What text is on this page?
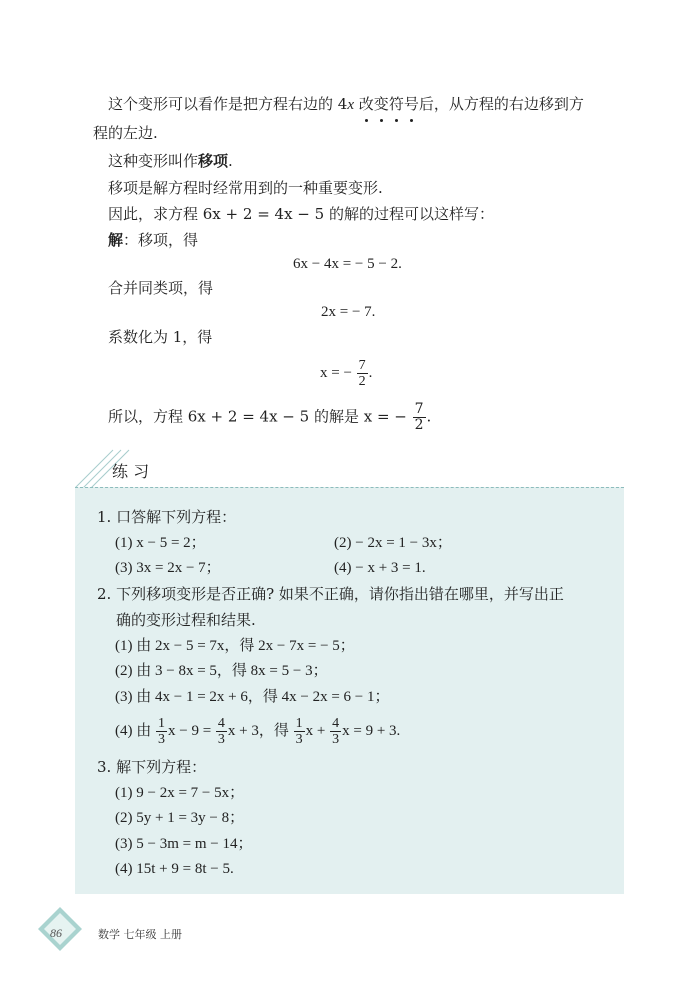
这个变形可以看作是把方程右边的 4x 改变符号后，从方程的右边移到方
程的左边.
这种变形叫作移项.
移项是解方程时经常用到的一种重要变形.
因此，求方程 6x + 2 = 4x − 5 的解的过程可以这样写：
解：移项，得
6x − 4x = − 5 − 2.
合并同类项，得
2x = − 7.
系数化为 1，得
x = − $\frac{7}{2}$ .
所以，方程 6x + 2 = 4x − 5 的解是 x = − $\frac{7}{2}$ .
练 习
1. 口答解下列方程：
(1) x − 5 = 2；	(2) − 2x = 1 − 3x；
(3) 3x = 2x − 7；	(4) − x + 3 = 1.
2. 下列移项变形是否正确? 如果不正确，请你指出错在哪里，并写出正
确的变形过程和结果.
(1) 由 2x − 5 = 7x，得 2x − 7x = − 5；
(2) 由 3 − 8x = 5，得 8x = 5 − 3；
(3) 由 4x − 1 = 2x + 6，得 4x − 2x = 6 − 1；
(4) 由 $\frac{1}{3}$ $x - 9 = \frac{4}{3}$ x + 3，得 $\frac{1}{3}$ $x + \frac{4}{3}$ x = 9 + 3.
3. 解下列方程：
(1) 9 − 2x = 7 − 5x；
(2) 5y + 1 = 3y − 8；
(3) 5 − 3m = m − 14；
(4) 15t + 9 = 8t − 5.
86	数学 七年级 上册
